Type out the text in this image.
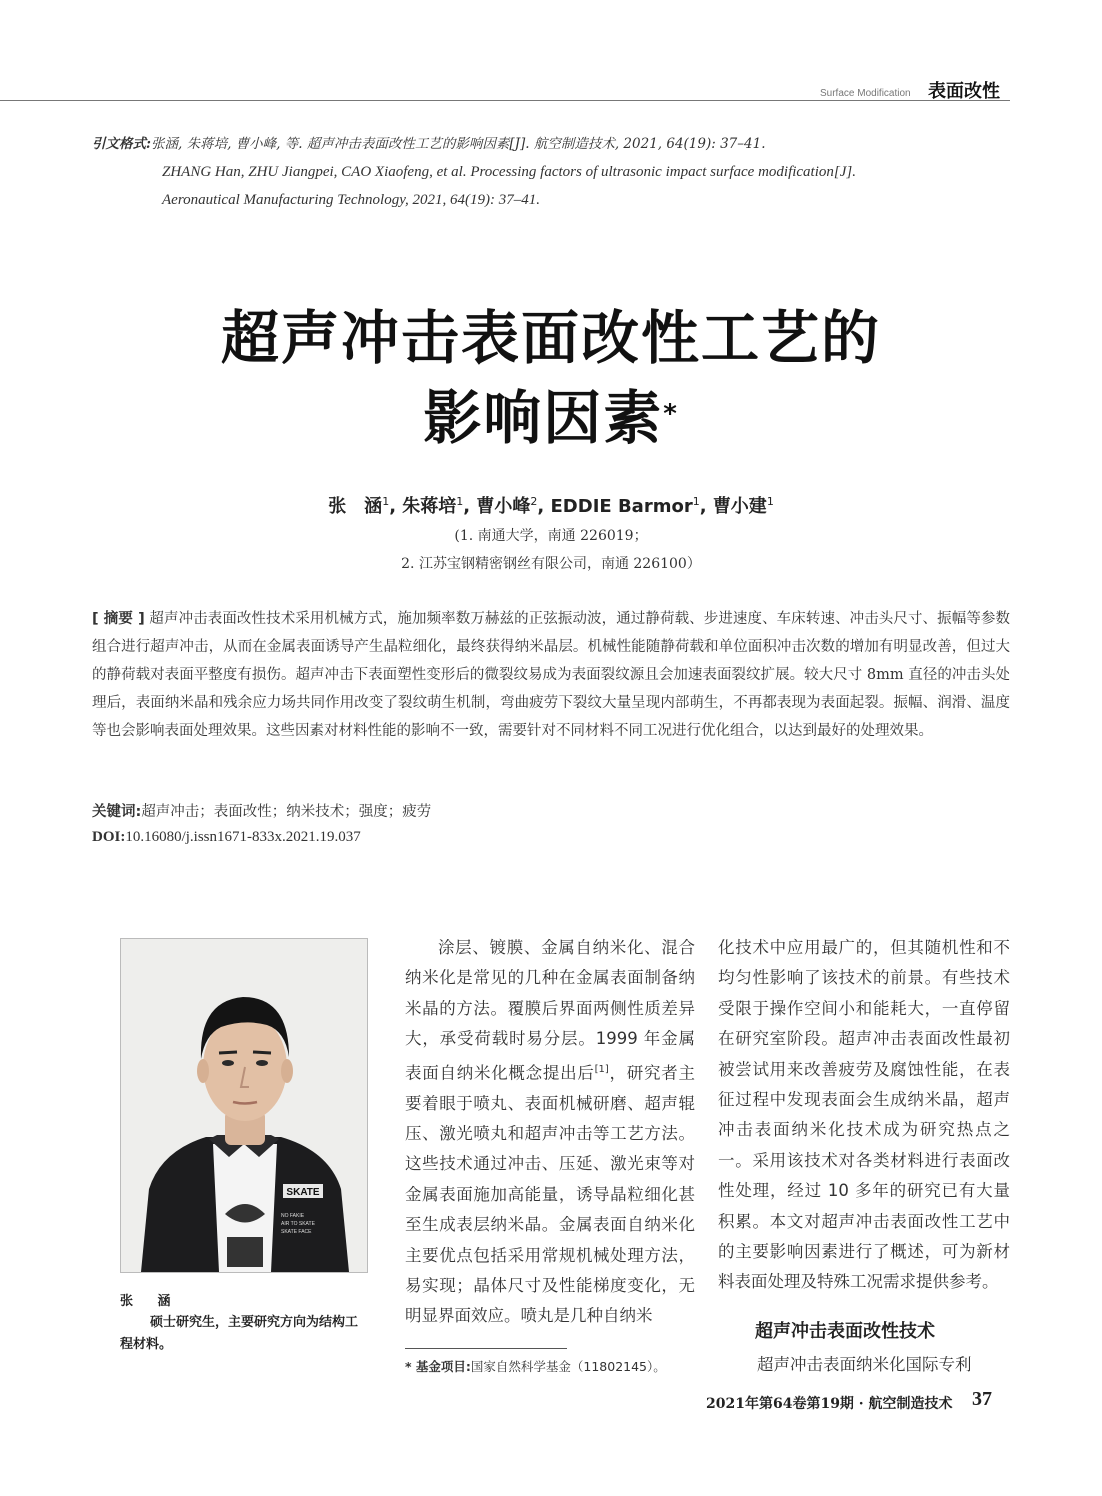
Surface Modification 表面改性
引文格式:张涵, 朱蒋培, 曹小峰, 等. 超声冲击表面改性工艺的影响因素[J]. 航空制造技术, 2021, 64(19): 37–41.
ZHANG Han, ZHU Jiangpei, CAO Xiaofeng, et al. Processing factors of ultrasonic impact surface modification[J].
Aeronautical Manufacturing Technology, 2021, 64(19): 37–41.
超声冲击表面改性工艺的
影响因素*
张　涵$^1$, 朱蒋培$^1$, 曹小峰$^2$, EDDIE Barmor$^1$, 曹小建$^1$
(1. 南通大学，南通 226019；
2. 江苏宝钢精密钢丝有限公司，南通 226100）
[ 摘要 ] 超声冲击表面改性技术采用机械方式，施加频率数万赫兹的正弦振动波，通过静荷载、步进速度、车床转速、冲击头尺寸、振幅等参数组合进行超声冲击，从而在金属表面诱导产生晶粒细化，最终获得纳米晶层。机械性能随静荷载和单位面积冲击次数的增加有明显改善，但过大的静荷载对表面平整度有损伤。超声冲击下表面塑性变形后的微裂纹易成为表面裂纹源且会加速表面裂纹扩展。较大尺寸 8mm 直径的冲击头处理后，表面纳米晶和残余应力场共同作用改变了裂纹萌生机制，弯曲疲劳下裂纹大量呈现内部萌生，不再都表现为表面起裂。振幅、润滑、温度等也会影响表面处理效果。这些因素对材料性能的影响不一致，需要针对不同材料不同工况进行优化组合，以达到最好的处理效果。
关键词:超声冲击；表面改性；纳米技术；强度；疲劳
DOI:10.16080/j.issn1671-833x.2021.19.037
SKATE
NO FAKIE
AIR TO SKATE
SKATE FACE
张 涵
硕士研究生，主要研究方向为结构工程材料。

涂层、镀膜、金属自纳米化、混合纳米化是常见的几种在金属表面制备纳米晶的方法。覆膜后界面两侧性质差异大，承受荷载时易分层。1999 年金属表面自纳米化概念提出后[1]，研究者主要着眼于喷丸、表面机械研磨、超声辊压、激光喷丸和超声冲击等工艺方法。这些技术通过冲击、压延、激光束等对金属表面施加高能量，诱导晶粒细化甚至生成表层纳米晶。金属表面自纳米化主要优点包括采用常规机械处理方法，易实现；晶体尺寸及性能梯度变化，无明显界面效应。喷丸是几种自纳米

化技术中应用最广的，但其随机性和不均匀性影响了该技术的前景。有些技术受限于操作空间小和能耗大，一直停留在研究室阶段。超声冲击表面改性最初被尝试用来改善疲劳及腐蚀性能，在表征过程中发现表面会生成纳米晶，超声冲击表面纳米化技术成为研究热点之一。采用该技术对各类材料进行表面改性处理，经过 10 多年的研究已有大量积累。本文对超声冲击表面改性工艺中的主要影响因素进行了概述，可为新材料表面处理及特殊工况需求提供参考。

超声冲击表面改性技术
超声冲击表面纳米化国际专利
* 基金项目:国家自然科学基金（11802145）。
2021年第64卷第19期 · 航空制造技术 37
